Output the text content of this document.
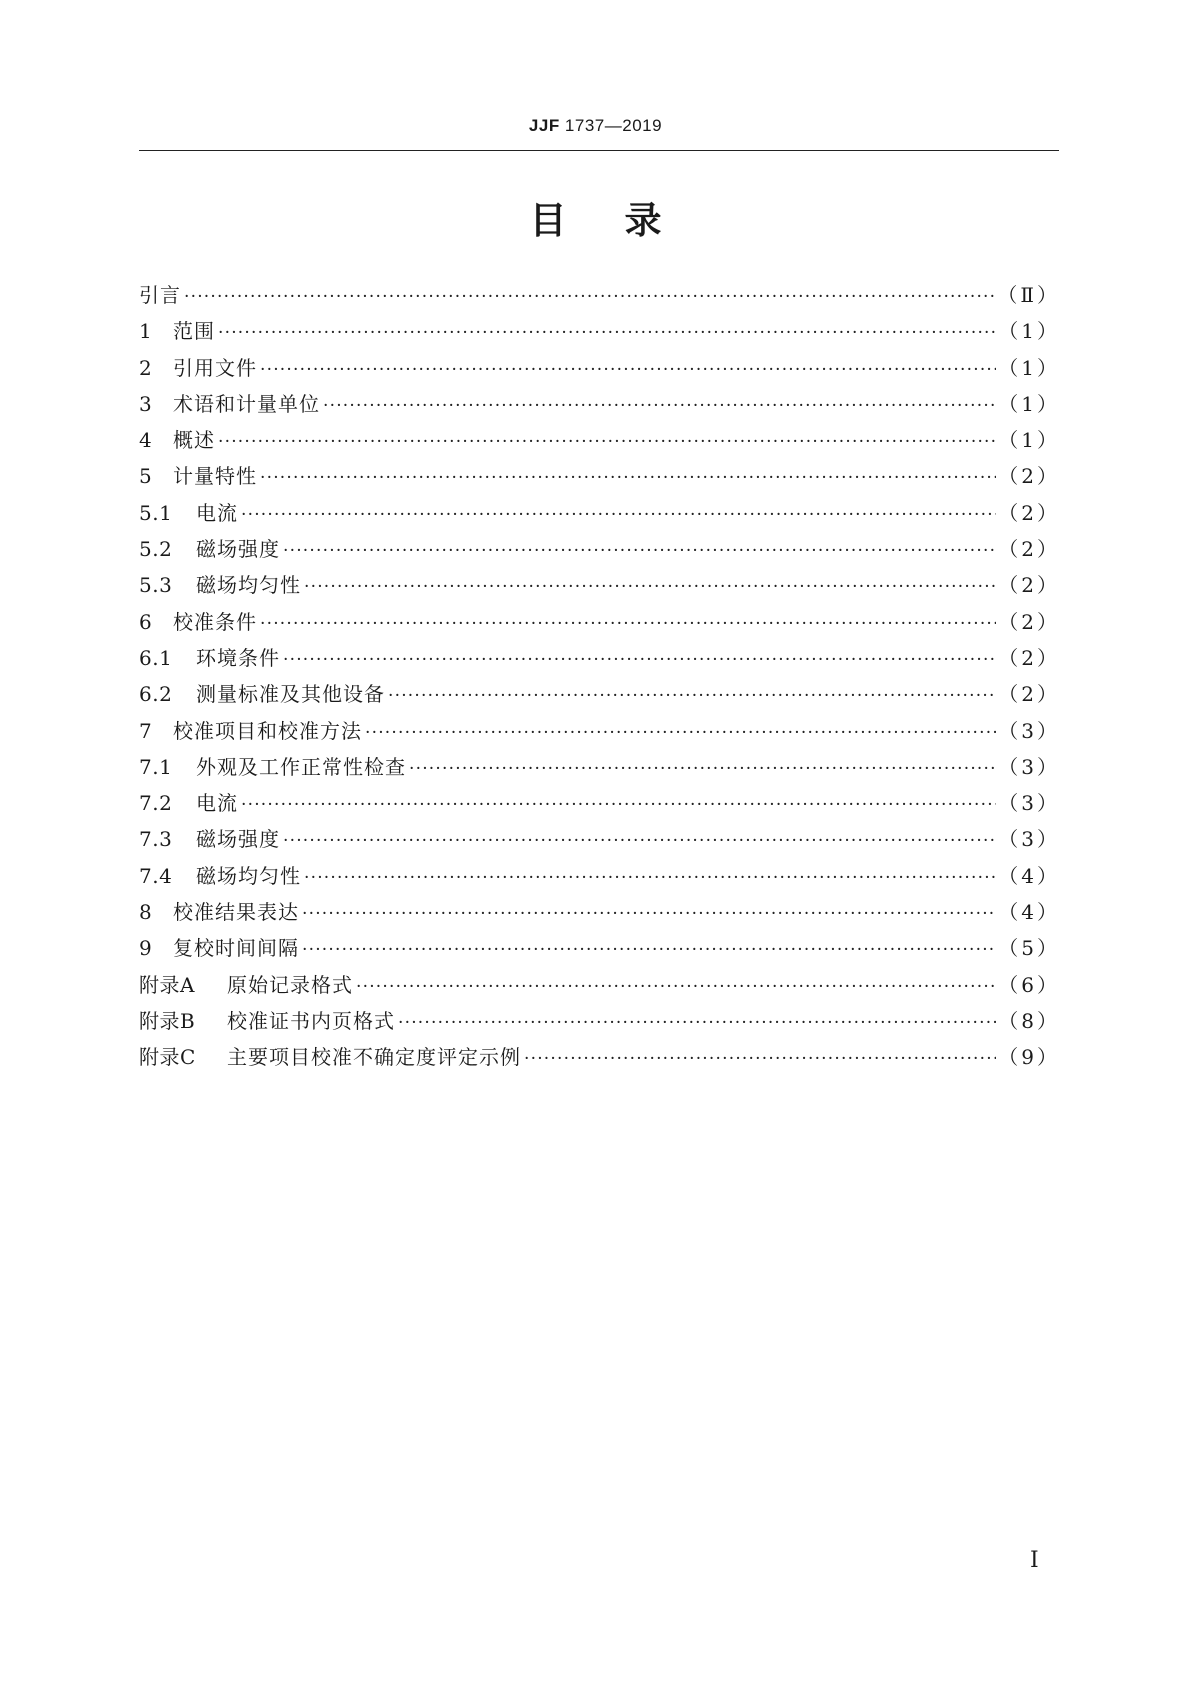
JJF 1737—2019
目录
引言 ·····	（Ⅱ）
1	范围 ·····	（1）
2	引用文件 ·····	（1）
3	术语和计量单位 ·····	（1）
4	概述 ·····	（1）
5	计量特性 ·····	（2）
5.1	电流 ·····	（2）
5.2	磁场强度 ·····	（2）
5.3	磁场均匀性 ·····	（2）
6	校准条件 ·····	（2）
6.1	环境条件 ·····	（2）
6.2	测量标准及其他设备 ·····	（2）
7	校准项目和校准方法 ·····	（3）
7.1	外观及工作正常性检查 ·····	（3）
7.2	电流 ·····	（3）
7.3	磁场强度 ·····	（3）
7.4	磁场均匀性 ·····	（4）
8	校准结果表达 ·····	（4）
9	复校时间间隔 ·····	（5）
附录A	原始记录格式 ·····	（6）
附录B	校准证书内页格式 ·····	（8）
附录C	主要项目校准不确定度评定示例 ·····	（9）
Ⅰ
